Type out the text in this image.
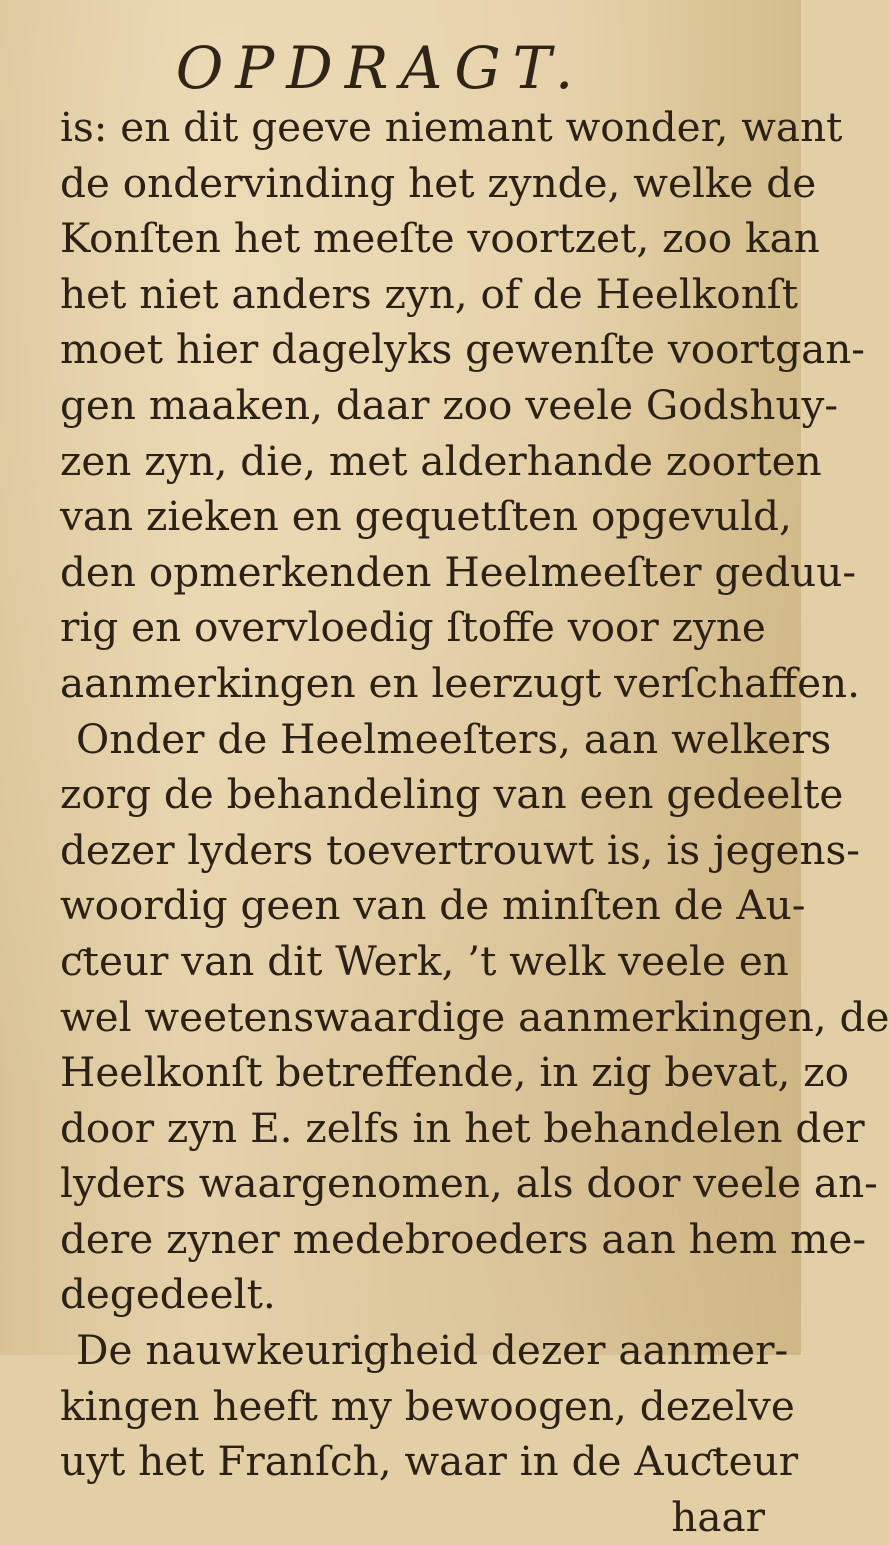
OPDRAGT.
is: en dit geeve niemant wonder, want
de ondervinding het zynde, welke de
Konſten het meeſte voortzet, zoo kan
het niet anders zyn, of de Heelkonſt
moet hier dagelyks gewenſte voortgan-
gen maaken, daar zoo veele Godshuy-
zen zyn, die, met alderhande zoorten
van zieken en gequetſten opgevuld,
den opmerkenden Heelmeeſter geduu-
rig en overvloedig ſtoffe voor zyne
aanmerkingen en leerzugt verſchaffen.
Onder de Heelmeeſters, aan welkers
zorg de behandeling van een gedeelte
dezer lyders toevertrouwt is, is jegens-
woordig geen van de minſten de Au-
ƈteur van dit Werk, ’t welk veele en
wel weetenswaardige aanmerkingen, de
Heelkonſt betreffende, in zig bevat, zo
door zyn E. zelfs in het behandelen der
lyders waargenomen, als door veele an-
dere zyner medebroeders aan hem me-
degedeelt.
De nauwkeurigheid dezer aanmer-
kingen heeft my bewoogen, dezelve
uyt het Franſch, waar in de Auƈteur
haar
